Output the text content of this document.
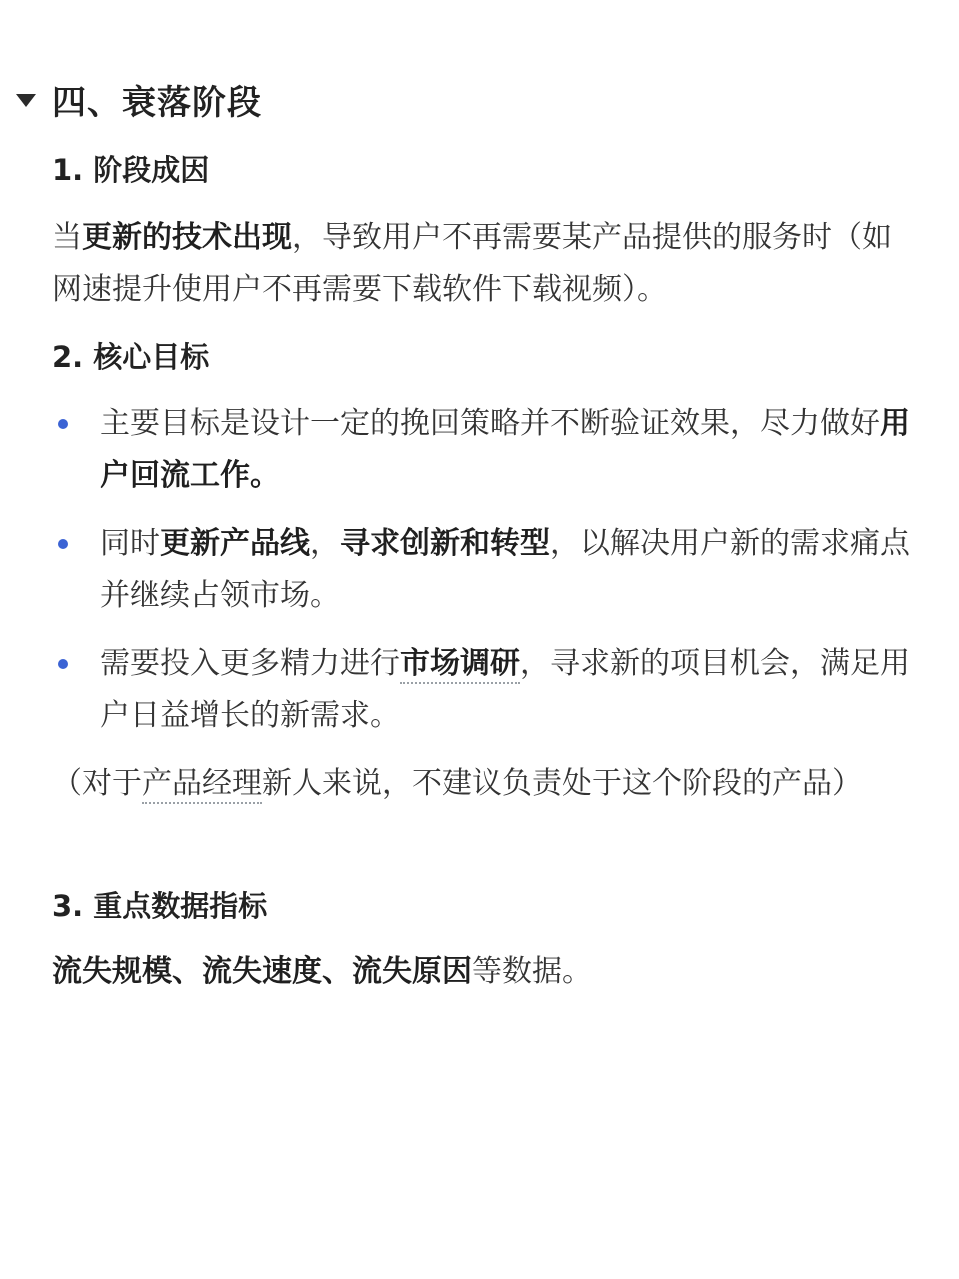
四、衰落阶段
1. 阶段成因
当更新的技术出现，导致用户不再需要某产品提供的服务时（如网速提升使用户不再需要下载软件下载视频）。
2. 核心目标
主要目标是设计一定的挽回策略并不断验证效果，尽力做好用户回流工作。
同时更新产品线，寻求创新和转型，以解决用户新的需求痛点并继续占领市场。
需要投入更多精力进行市场调研，寻求新的项目机会，满足用户日益增长的新需求。
（对于产品经理新人来说，不建议负责处于这个阶段的产品）
3. 重点数据指标
流失规模、流失速度、流失原因等数据。
